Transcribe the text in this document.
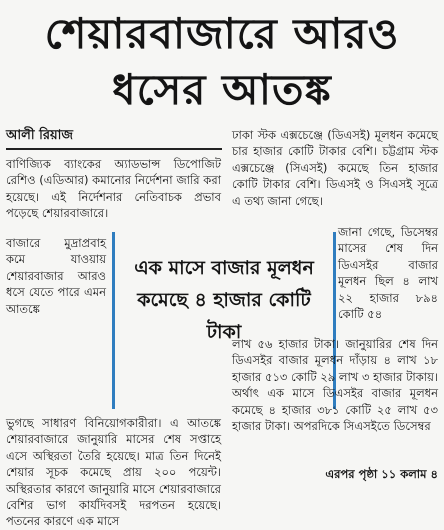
শেয়ারবাজারে আরও
ধসের আতঙ্ক
আলী রিয়াজ

বাণিজ্যিক ব্যাংকের অ্যাডভান্স ডিপোজিট রেশিও (এডিআর) কমানোর নির্দেশনা জারি করা হয়েছে। এই নির্দেশনার নেতিবাচক প্রভাব পড়েছে শেয়ারবাজারে।

বাজারে মুদ্রাপ্রবাহ কমে যাওয়ায় শেয়ারবাজার আরও ধসে যেতে পারে এমন আতঙ্কে

এক মাসে বাজার মূলধন কমেছে ৪ হাজার কোটি টাকা

ভুগছে সাধারণ বিনিয়োগকারীরা। এ আতঙ্কে শেয়ারবাজারে জানুয়ারি মাসের শেষ সপ্তাহে এসে অস্থিরতা তৈরি হয়েছে। মাত্র তিন দিনেই শেয়ার সূচক কমেছে প্রায় ২০০ পয়েন্ট। অস্থিরতার কারণে জানুয়ারি মাসে শেয়ারবাজারে বেশির ভাগ কার্যদিবসই দরপতন হয়েছে। পতনের কারণে এক মাসে

ঢাকা স্টক এক্সচেঞ্জে (ডিএসই) মূলধন কমেছে চার হাজার কোটি টাকার বেশি। চট্টগ্রাম স্টক এক্সচেঞ্জে (সিএসই) কমেছে তিন হাজার কোটি টাকার বেশি। ডিএসই ও সিএসই সূত্রে এ তথ্য জানা গেছে।

জানা গেছে, ডিসেম্বর মাসের শেষ দিন ডিএসইর বাজার মূলধন ছিল ৪ লাখ ২২ হাজার ৮৯৪ কোটি ৫৪

লাখ ৫৬ হাজার টাকা। জানুয়ারির শেষ দিন ডিএসইর বাজার মূলধন দাঁড়ায় ৪ লাখ ১৮ হাজার ৫১৩ কোটি ২৯ লাখ ৩ হাজার টাকায়। অর্থাৎ এক মাসে ডিএসইর বাজার মূলধন কমেছে ৪ হাজার ৩৮১ কোটি ২৫ লাখ ৫৩ হাজার টাকা। অপরদিকে সিএসইতে ডিসেম্বর

এরপর পৃষ্ঠা ১১ কলাম ৪
